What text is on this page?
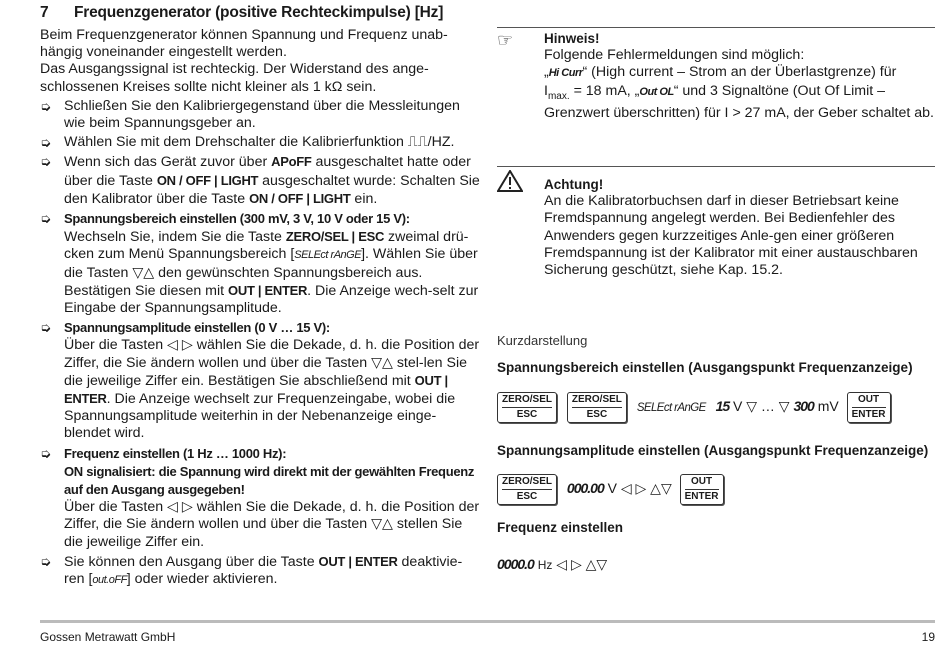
7 Frequenzgenerator (positive Rechteckimpulse) [Hz]

Beim Frequenzgenerator können Spannung und Frequenz unab-hängig voneinander eingestellt werden.

Das Ausgangssignal ist rechteckig. Der Widerstand des ange-schlossenen Kreises sollte nicht kleiner als 1 kΩ sein.

➭ Schließen Sie den Kalibriergegenstand über die Messleitungen wie beim Spannungsgeber an.
➭ Wählen Sie mit dem Drehschalter die Kalibrierfunktion ⎍⎍/HZ.
➭ Wenn sich das Gerät zuvor über APoFF ausgeschaltet hatte oder über die Taste ON / OFF | LIGHT ausgeschaltet wurde: Schalten Sie den Kalibrator über die Taste ON / OFF | LIGHT ein.
➭ Spannungsbereich einstellen (300 mV, 3 V, 10 V oder 15 V):
Wechseln Sie, indem Sie die Taste ZERO/SEL | ESC zweimal drü-cken zum Menü Spannungsbereich [SELEct rAnGE]. Wählen Sie über die Tasten ▽△ den gewünschten Spannungsbereich aus. Bestätigen Sie diesen mit OUT | ENTER. Die Anzeige wech-selt zur Eingabe der Spannungsamplitude.
➭ Spannungsamplitude einstellen (0 V … 15 V):
Über die Tasten ◁ ▷ wählen Sie die Dekade, d. h. die Position der Ziffer, die Sie ändern wollen und über die Tasten ▽△ stel-len Sie die jeweilige Ziffer ein. Bestätigen Sie abschließend mit OUT | ENTER. Die Anzeige wechselt zur Frequenzeingabe, wobei die Spannungsamplitude weiterhin in der Nebenanzeige einge-blendet wird.
➭ Frequenz einstellen (1 Hz … 1000 Hz):
ON signalisiert: die Spannung wird direkt mit der gewählten Frequenz auf den Ausgang ausgegeben!
Über die Tasten ◁ ▷ wählen Sie die Dekade, d. h. die Position der Ziffer, die Sie ändern wollen und über die Tasten ▽△ stellen Sie die jeweilige Ziffer ein.
➭ Sie können den Ausgang über die Taste OUT | ENTER deaktivie-ren [out.oFF] oder wieder aktivieren.
☞	Hinweis!
Folgende Fehlermeldungen sind möglich:
„Hi Curr“ (High current – Strom an der Überlastgrenze) für
$I_{max.} = 18$ mA, „Out OL“ und 3 Signaltöne (Out Of Limit –
Grenzwert überschritten) für I > 27 mA, der Geber schaltet ab.
Achtung!
An die Kalibratorbuchsen darf in dieser Betriebsart keine Fremdspannung angelegt werden. Bei Bedienfehler des Anwenders gegen kurzzeitiges Anle-gen einer größeren Fremdspannung ist der Kalibrator mit einer austauschbaren Sicherung geschützt, siehe Kap. 15.2.
Kurzdarstellung
Spannungsbereich einstellen (Ausgangspunkt Frequenzanzeige)
ZERO/SEL
ESC

ZERO/SEL
ESC
SELEct rAnGE 15 V ▽ … ▽ 300 mV	OUT
ENTER
Spannungsamplitude einstellen (Ausgangspunkt Frequenzanzeige)
ZERO/SEL
ESC
000.00 V ◁ ▷ △▽	OUT
ENTER
Frequenz einstellen
0000.0 Hz ◁ ▷ △▽
Gossen Metrawatt GmbH	19
